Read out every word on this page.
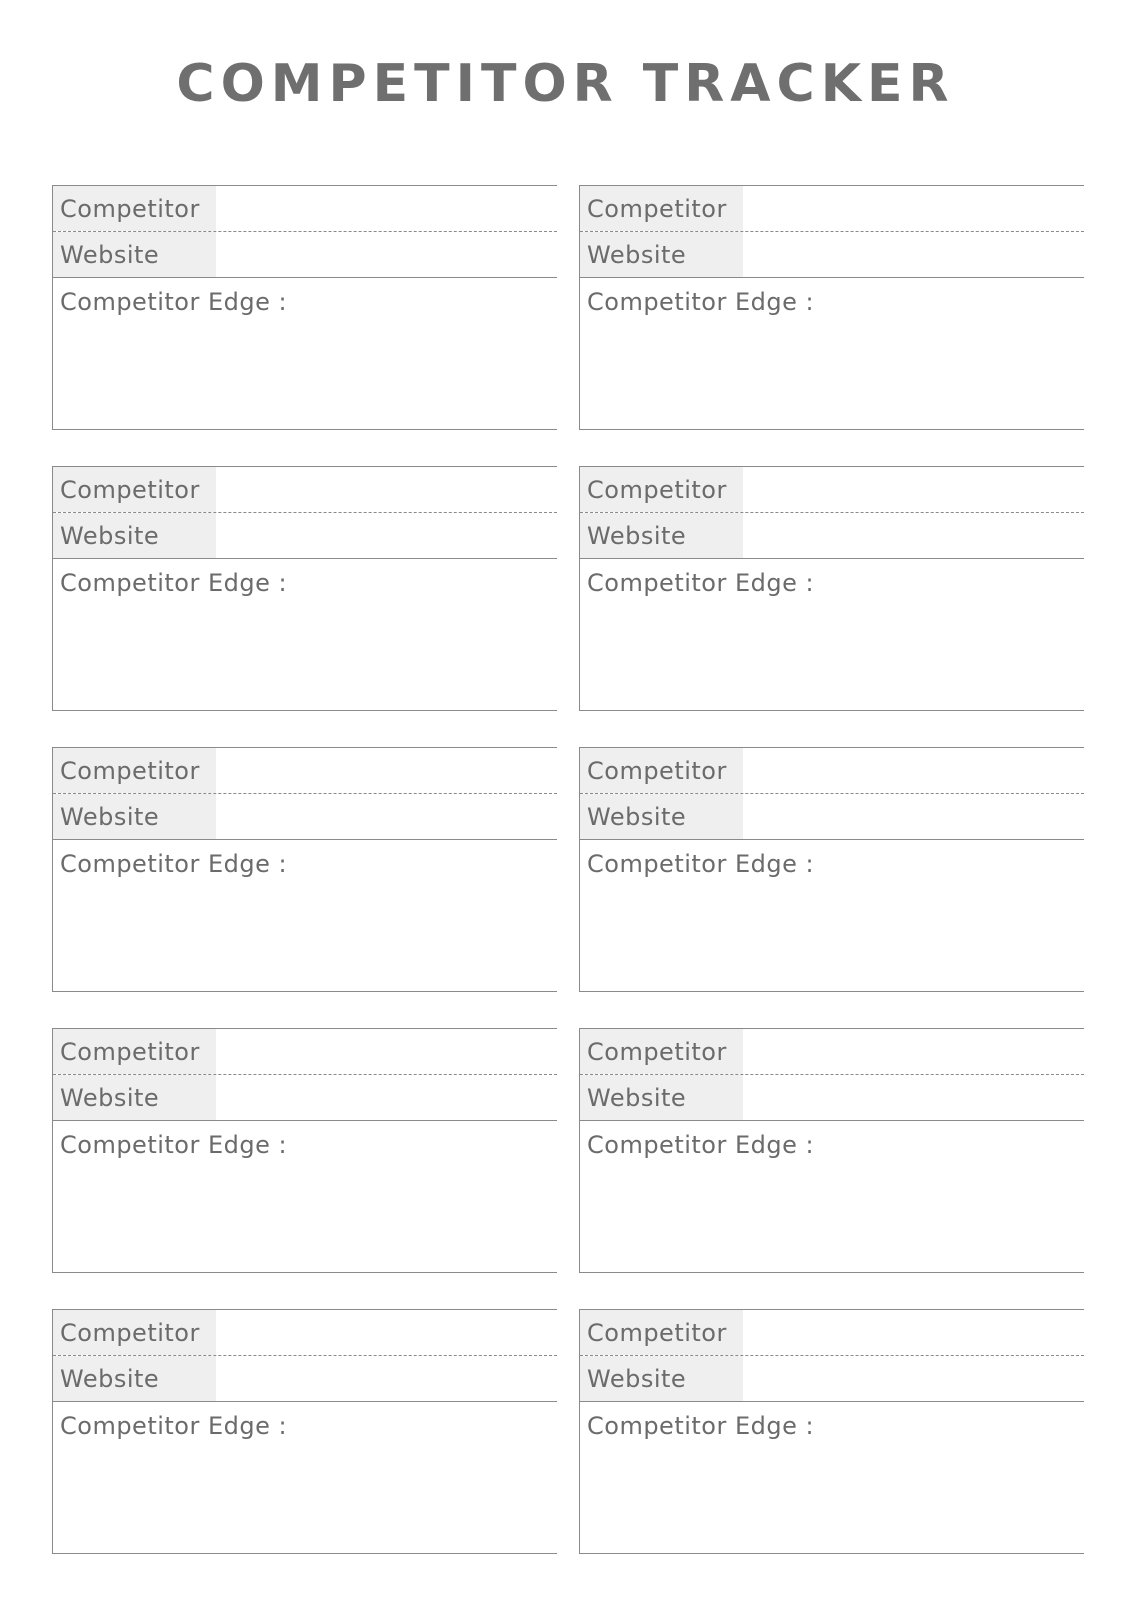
COMPETITOR TRACKER
Competitor
Website
Competitor Edge :
Competitor
Website
Competitor Edge :
Competitor
Website
Competitor Edge :
Competitor
Website
Competitor Edge :
Competitor
Website
Competitor Edge :
Competitor
Website
Competitor Edge :
Competitor
Website
Competitor Edge :
Competitor
Website
Competitor Edge :
Competitor
Website
Competitor Edge :
Competitor
Website
Competitor Edge :
